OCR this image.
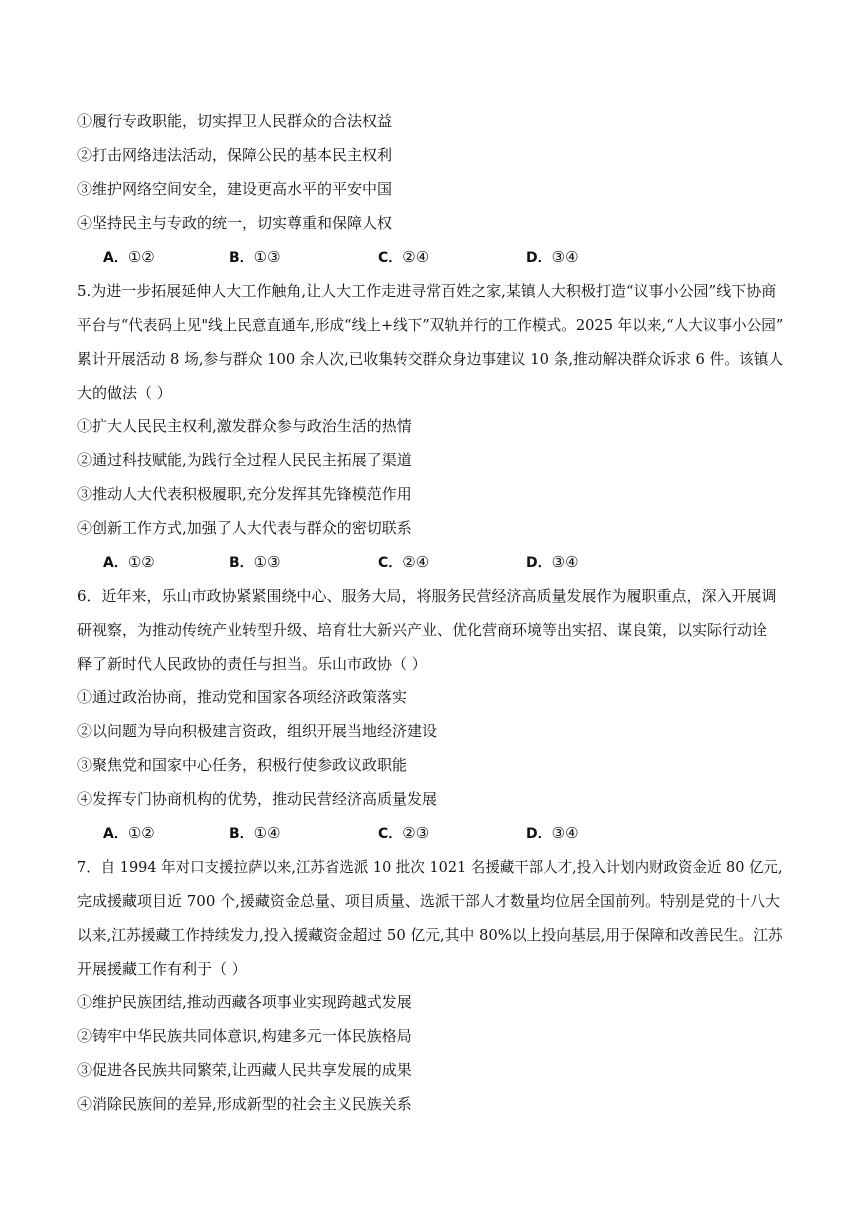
①履行专政职能，切实捍卫人民群众的合法权益
②打击网络违法活动，保障公民的基本民主权利
③维护网络空间安全，建设更高水平的平安中国
④坚持民主与专政的统一，切实尊重和保障人权
A．①②	B．①③	C．②④	D．③④
5.为进一步拓展延伸人大工作触角,让人大工作走进寻常百姓之家,某镇人大积极打造“议事小公园”线下协商
平台与“代表码上见"线上民意直通车,形成“线上+线下”双轨并行的工作模式。2025 年以来,“人大议事小公园”
累计开展活动 8 场,参与群众 100 余人次,已收集转交群众身边事建议 10 条,推动解决群众诉求 6 件。该镇人
大的做法（ ）
①扩大人民民主权利,激发群众参与政治生活的热情
②通过科技赋能,为践行全过程人民民主拓展了渠道
③推动人大代表积极履职,充分发挥其先锋模范作用
④创新工作方式,加强了人大代表与群众的密切联系
A．①②	B．①③	C．②④	D．③④
6．近年来，乐山市政协紧紧围绕中心、服务大局，将服务民营经济高质量发展作为履职重点，深入开展调
研视察，为推动传统产业转型升级、培育壮大新兴产业、优化营商环境等出实招、谋良策，以实际行动诠
释了新时代人民政协的责任与担当。乐山市政协（ ）
①通过政治协商，推动党和国家各项经济政策落实
②以问题为导向积极建言资政，组织开展当地经济建设
③聚焦党和国家中心任务，积极行使参政议政职能
④发挥专门协商机构的优势，推动民营经济高质量发展
A．①②	B．①④	C．②③	D．③④
7．自 1994 年对口支援拉萨以来,江苏省选派 10 批次 1021 名援藏干部人才,投入计划内财政资金近 80 亿元,
完成援藏项目近 700 个,援藏资金总量、项目质量、选派干部人才数量均位居全国前列。特别是党的十八大
以来,江苏援藏工作持续发力,投入援藏资金超过 50 亿元,其中 80%以上投向基层,用于保障和改善民生。江苏
开展援藏工作有利于（ ）
①维护民族团结,推动西藏各项事业实现跨越式发展
②铸牢中华民族共同体意识,构建多元一体民族格局
③促进各民族共同繁荣,让西藏人民共享发展的成果
④消除民族间的差异,形成新型的社会主义民族关系
